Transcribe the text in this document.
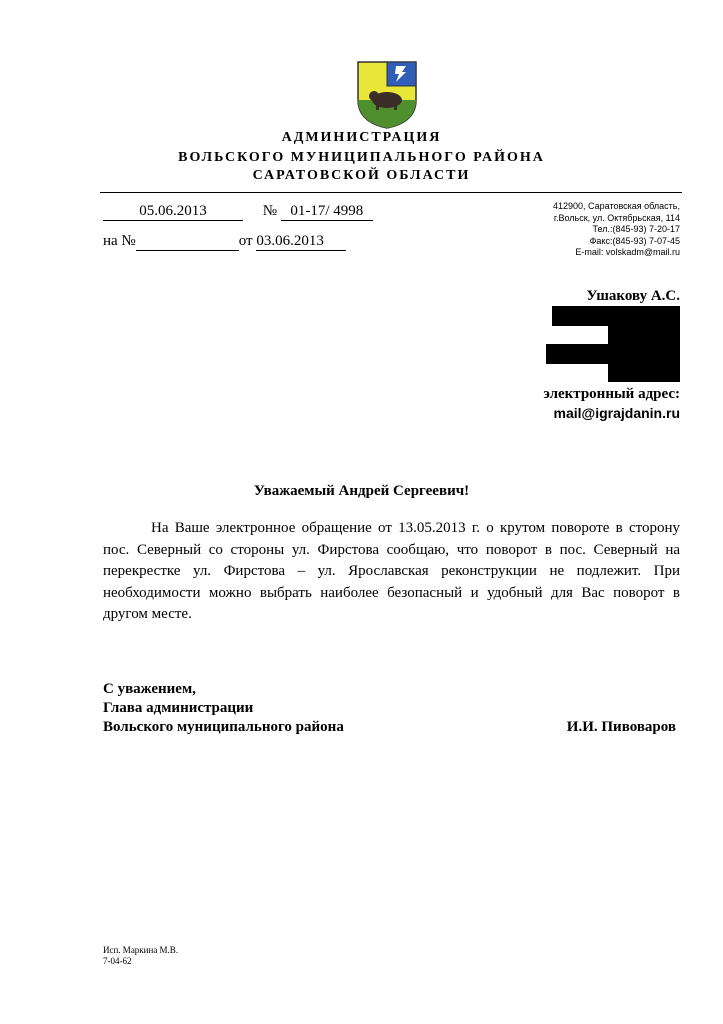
АДМИНИСТРАЦИЯ
ВОЛЬСКОГО МУНИЦИПАЛЬНОГО РАЙОНА
САРАТОВСКОЙ ОБЛАСТИ
05.06.2013	№ 01-17/ 4998
на №	от 03.06.2013
412900, Саратовская область,
г.Вольск, ул. Октябрьская, 114
Тел.:(845-93) 7-20-17
Факс:(845-93) 7-07-45
E-mail: volskadm@mail.ru
Ушакову А.С.
электронный адрес:
mail@igrajdanin.ru
Уважаемый Андрей Сергеевич!

На Ваше электронное обращение от 13.05.2013 г. о крутом повороте в сторону пос. Северный со стороны ул. Фирстова сообщаю, что поворот в пос. Северный на перекрестке ул. Фирстова – ул. Ярославская реконструкции не подлежит. При необходимости можно выбрать наиболее безопасный и удобный для Вас поворот в другом месте.

С уважением,
Глава администрации
Вольского муниципального района	И.И. Пивоваров
Исп. Маркина М.В.
7-04-62
